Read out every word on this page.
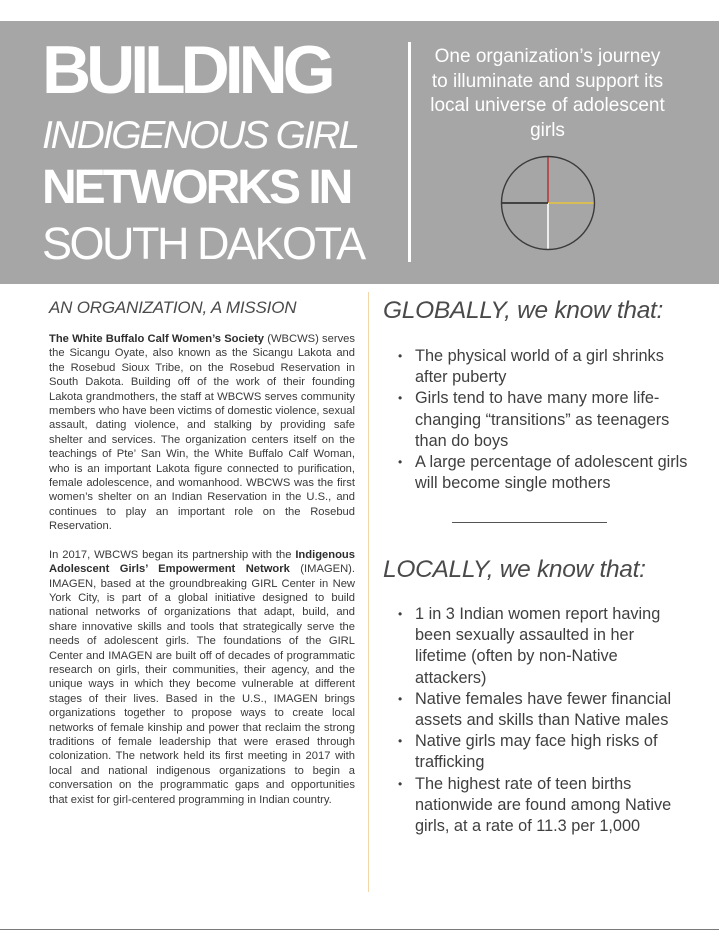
BUILDING
INDIGENOUS GIRL
NETWORKS IN
SOUTH DAKOTA
One organization’s journey to illuminate and support its local universe of adolescent girls
AN ORGANIZATION, A MISSION

The White Buffalo Calf Women’s Society (WBCWS) serves the Sicangu Oyate, also known as the Sicangu Lakota and the Rosebud Sioux Tribe, on the Rosebud Reservation in South Dakota. Building off of the work of their founding Lakota grandmothers, the staff at WBCWS serves community members who have been victims of domestic violence, sexual assault, dating violence, and stalking by providing safe shelter and services. The organization centers itself on the teachings of Pte’ San Win, the White Buffalo Calf Woman, who is an important Lakota figure connected to purification, female adolescence, and womanhood. WBCWS was the first women’s shelter on an Indian Reservation in the U.S., and continues to play an important role on the Rosebud Reservation.

In 2017, WBCWS began its partnership with the Indigenous Adolescent Girls’ Empowerment Network (IMAGEN). IMAGEN, based at the groundbreaking GIRL Center in New York City, is part of a global initiative designed to build national networks of organizations that adapt, build, and share innovative skills and tools that strategically serve the needs of adolescent girls. The foundations of the GIRL Center and IMAGEN are built off of decades of programmatic research on girls, their communities, their agency, and the unique ways in which they become vulnerable at different stages of their lives. Based in the U.S., IMAGEN brings organizations together to propose ways to create local networks of female kinship and power that reclaim the strong traditions of female leadership that were erased through colonization. The network held its first meeting in 2017 with local and national indigenous organizations to begin a conversation on the programmatic gaps and opportunities that exist for girl-centered programming in Indian country.

GLOBALLY, we know that:
• The physical world of a girl shrinks after puberty
• Girls tend to have many more life-changing “transitions” as teenagers than do boys
• A large percentage of adolescent girls will become single mothers
LOCALLY, we know that:
• 1 in 3 Indian women report having been sexually assaulted in her lifetime (often by non-Native attackers)
• Native females have fewer financial assets and skills than Native males
• Native girls may face high risks of trafficking
• The highest rate of teen births nationwide are found among Native girls, at a rate of 11.3 per 1,000
